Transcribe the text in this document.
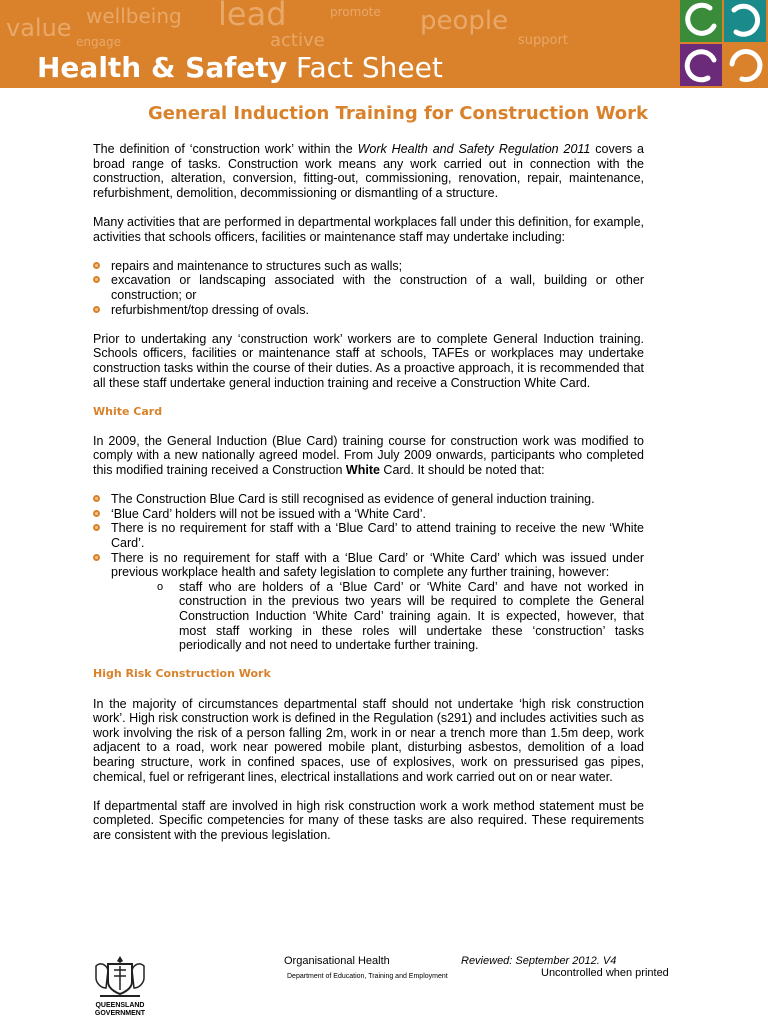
value wellbeing
engage
lead	promote
active
people
support
Health & Safety Fact Sheet
General Induction Training for Construction Work

The definition of ‘construction work’ within the Work Health and Safety Regulation 2011 covers a broad range of tasks. Construction work means any work carried out in connection with the construction, alteration, conversion, fitting-out, commissioning, renovation, repair, maintenance, refurbishment, demolition, decommissioning or dismantling of a structure.

Many activities that are performed in departmental workplaces fall under this definition, for example, activities that schools officers, facilities or maintenance staff may undertake including:

repairs and maintenance to structures such as walls;
excavation or landscaping associated with the construction of a wall, building or other construction; or
refurbishment/top dressing of ovals.

Prior to undertaking any ‘construction work’ workers are to complete General Induction training. Schools officers, facilities or maintenance staff at schools, TAFEs or workplaces may undertake construction tasks within the course of their duties. As a proactive approach, it is recommended that all these staff undertake general induction training and receive a Construction White Card.

White Card

In 2009, the General Induction (Blue Card) training course for construction work was modified to comply with a new nationally agreed model. From July 2009 onwards, participants who completed this modified training received a Construction White Card. It should be noted that:

The Construction Blue Card is still recognised as evidence of general induction training.
‘Blue Card’ holders will not be issued with a ‘White Card’.
There is no requirement for staff with a ‘Blue Card’ to attend training to receive the new ‘White Card’.
There is no requirement for staff with a ‘Blue Card’ or ‘White Card’ which was issued under previous workplace health and safety legislation to complete any further training, however:
o staff who are holders of a ‘Blue Card’ or ‘White Card’ and have not worked in construction in the previous two years will be required to complete the General Construction Induction ‘White Card’ training again. It is expected, however, that most staff working in these roles will undertake these ‘construction’ tasks periodically and not need to undertake further training.
High Risk Construction Work

In the majority of circumstances departmental staff should not undertake ‘high risk construction work’. High risk construction work is defined in the Regulation (s291) and includes activities such as work involving the risk of a person falling 2m, work in or near a trench more than 1.5m deep, work adjacent to a road, work near powered mobile plant, disturbing asbestos, demolition of a load bearing structure, work in confined spaces, use of explosives, work on pressurised gas pipes, chemical, fuel or refrigerant lines, electrical installations and work carried out on or near water.

If departmental staff are involved in high risk construction work a work method statement must be completed. Specific competencies for many of these tasks are also required. These requirements are consistent with the previous legislation.

QUEENSLAND
GOVERNMENT
Organisational Health
Department of Education, Training and Employment
Reviewed: September 2012. V4
Uncontrolled when printed
